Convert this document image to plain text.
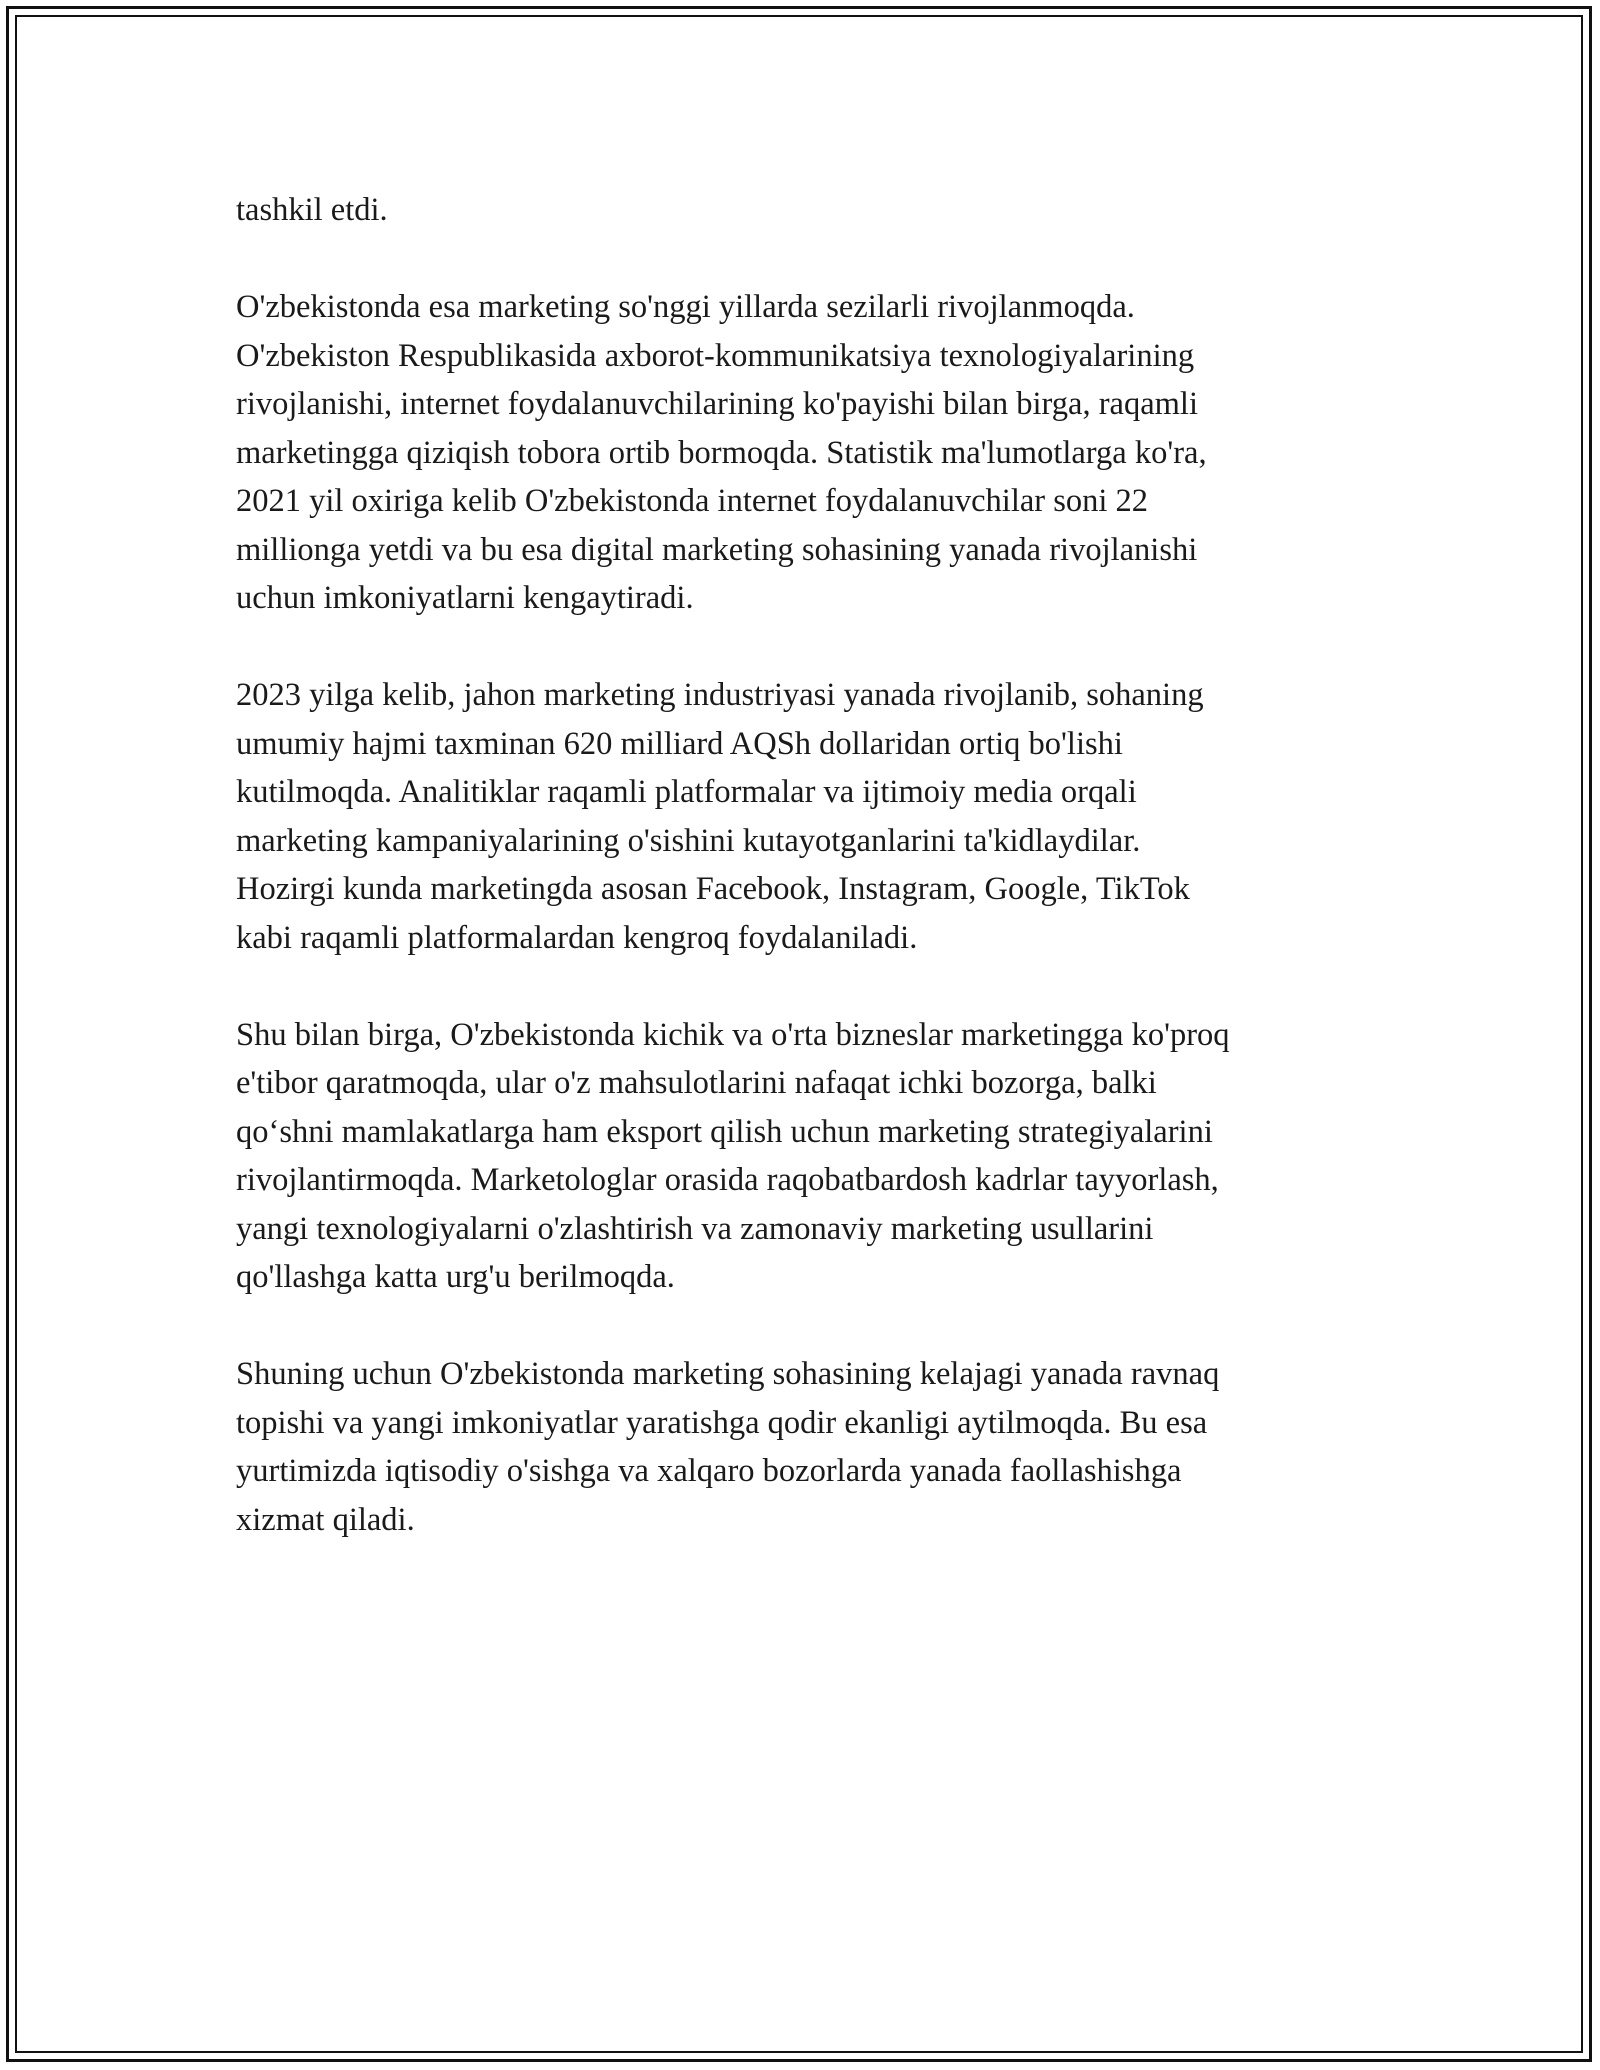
tashkil etdi.

O'zbekistonda esa marketing so'nggi yillarda sezilarli rivojlanmoqda.
O'zbekiston Respublikasida axborot-kommunikatsiya texnologiyalarining
rivojlanishi, internet foydalanuvchilarining ko'payishi bilan birga, raqamli
marketingga qiziqish tobora ortib bormoqda. Statistik ma'lumotlarga ko'ra,
2021 yil oxiriga kelib O'zbekistonda internet foydalanuvchilar soni 22
millionga yetdi va bu esa digital marketing sohasining yanada rivojlanishi
uchun imkoniyatlarni kengaytiradi.

2023 yilga kelib, jahon marketing industriyasi yanada rivojlanib, sohaning
umumiy hajmi taxminan 620 milliard AQSh dollaridan ortiq bo'lishi
kutilmoqda. Analitiklar raqamli platformalar va ijtimoiy media orqali
marketing kampaniyalarining o'sishini kutayotganlarini ta'kidlaydilar.
Hozirgi kunda marketingda asosan Facebook, Instagram, Google, TikTok
kabi raqamli platformalardan kengroq foydalaniladi.

Shu bilan birga, O'zbekistonda kichik va o'rta bizneslar marketingga ko'proq
e'tibor qaratmoqda, ular o'z mahsulotlarini nafaqat ichki bozorga, balki
qo‘shni mamlakatlarga ham eksport qilish uchun marketing strategiyalarini
rivojlantirmoqda. Marketologlar orasida raqobatbardosh kadrlar tayyorlash,
yangi texnologiyalarni o'zlashtirish va zamonaviy marketing usullarini
qo'llashga katta urg'u berilmoqda.

Shuning uchun O'zbekistonda marketing sohasining kelajagi yanada ravnaq
topishi va yangi imkoniyatlar yaratishga qodir ekanligi aytilmoqda. Bu esa
yurtimizda iqtisodiy o'sishga va xalqaro bozorlarda yanada faollashishga
xizmat qiladi.
